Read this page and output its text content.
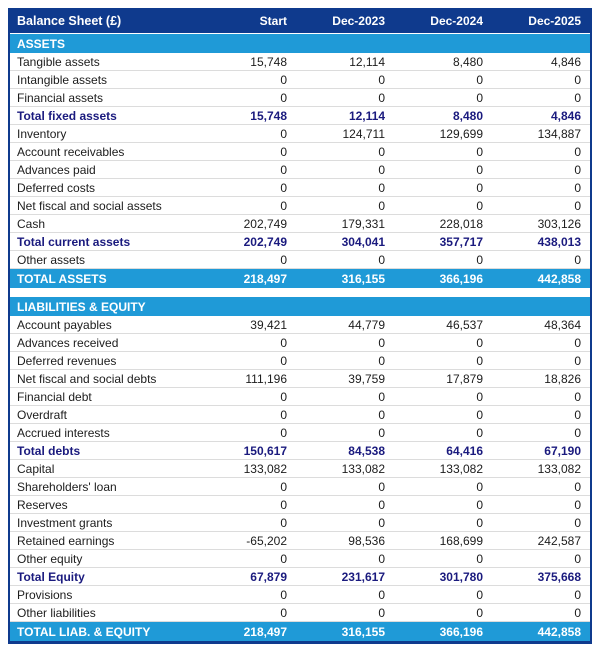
Balance Sheet (£)	Start	Dec-2023	Dec-2024	Dec-2025
ASSETS
Tangible assets	15,748	12,114	8,480	4,846
Intangible assets	0	0	0	0
Financial assets	0	0	0	0
Total fixed assets	15,748	12,114	8,480	4,846
Inventory	0	124,711	129,699	134,887
Account receivables	0	0	0	0
Advances paid	0	0	0	0
Deferred costs	0	0	0	0
Net fiscal and social assets	0	0	0	0
Cash	202,749	179,331	228,018	303,126
Total current assets	202,749	304,041	357,717	438,013
Other assets	0	0	0	0
TOTAL ASSETS	218,497	316,155	366,196	442,858
LIABILITIES & EQUITY
Account payables	39,421	44,779	46,537	48,364
Advances received	0	0	0	0
Deferred revenues	0	0	0	0
Net fiscal and social debts	111,196	39,759	17,879	18,826
Financial debt	0	0	0	0
Overdraft	0	0	0	0
Accrued interests	0	0	0	0
Total debts	150,617	84,538	64,416	67,190
Capital	133,082	133,082	133,082	133,082
Shareholders' loan	0	0	0	0
Reserves	0	0	0	0
Investment grants	0	0	0	0
Retained earnings	-65,202	98,536	168,699	242,587
Other equity	0	0	0	0
Total Equity	67,879	231,617	301,780	375,668
Provisions	0	0	0	0
Other liabilities	0	0	0	0
TOTAL LIAB. & EQUITY	218,497	316,155	366,196	442,858
